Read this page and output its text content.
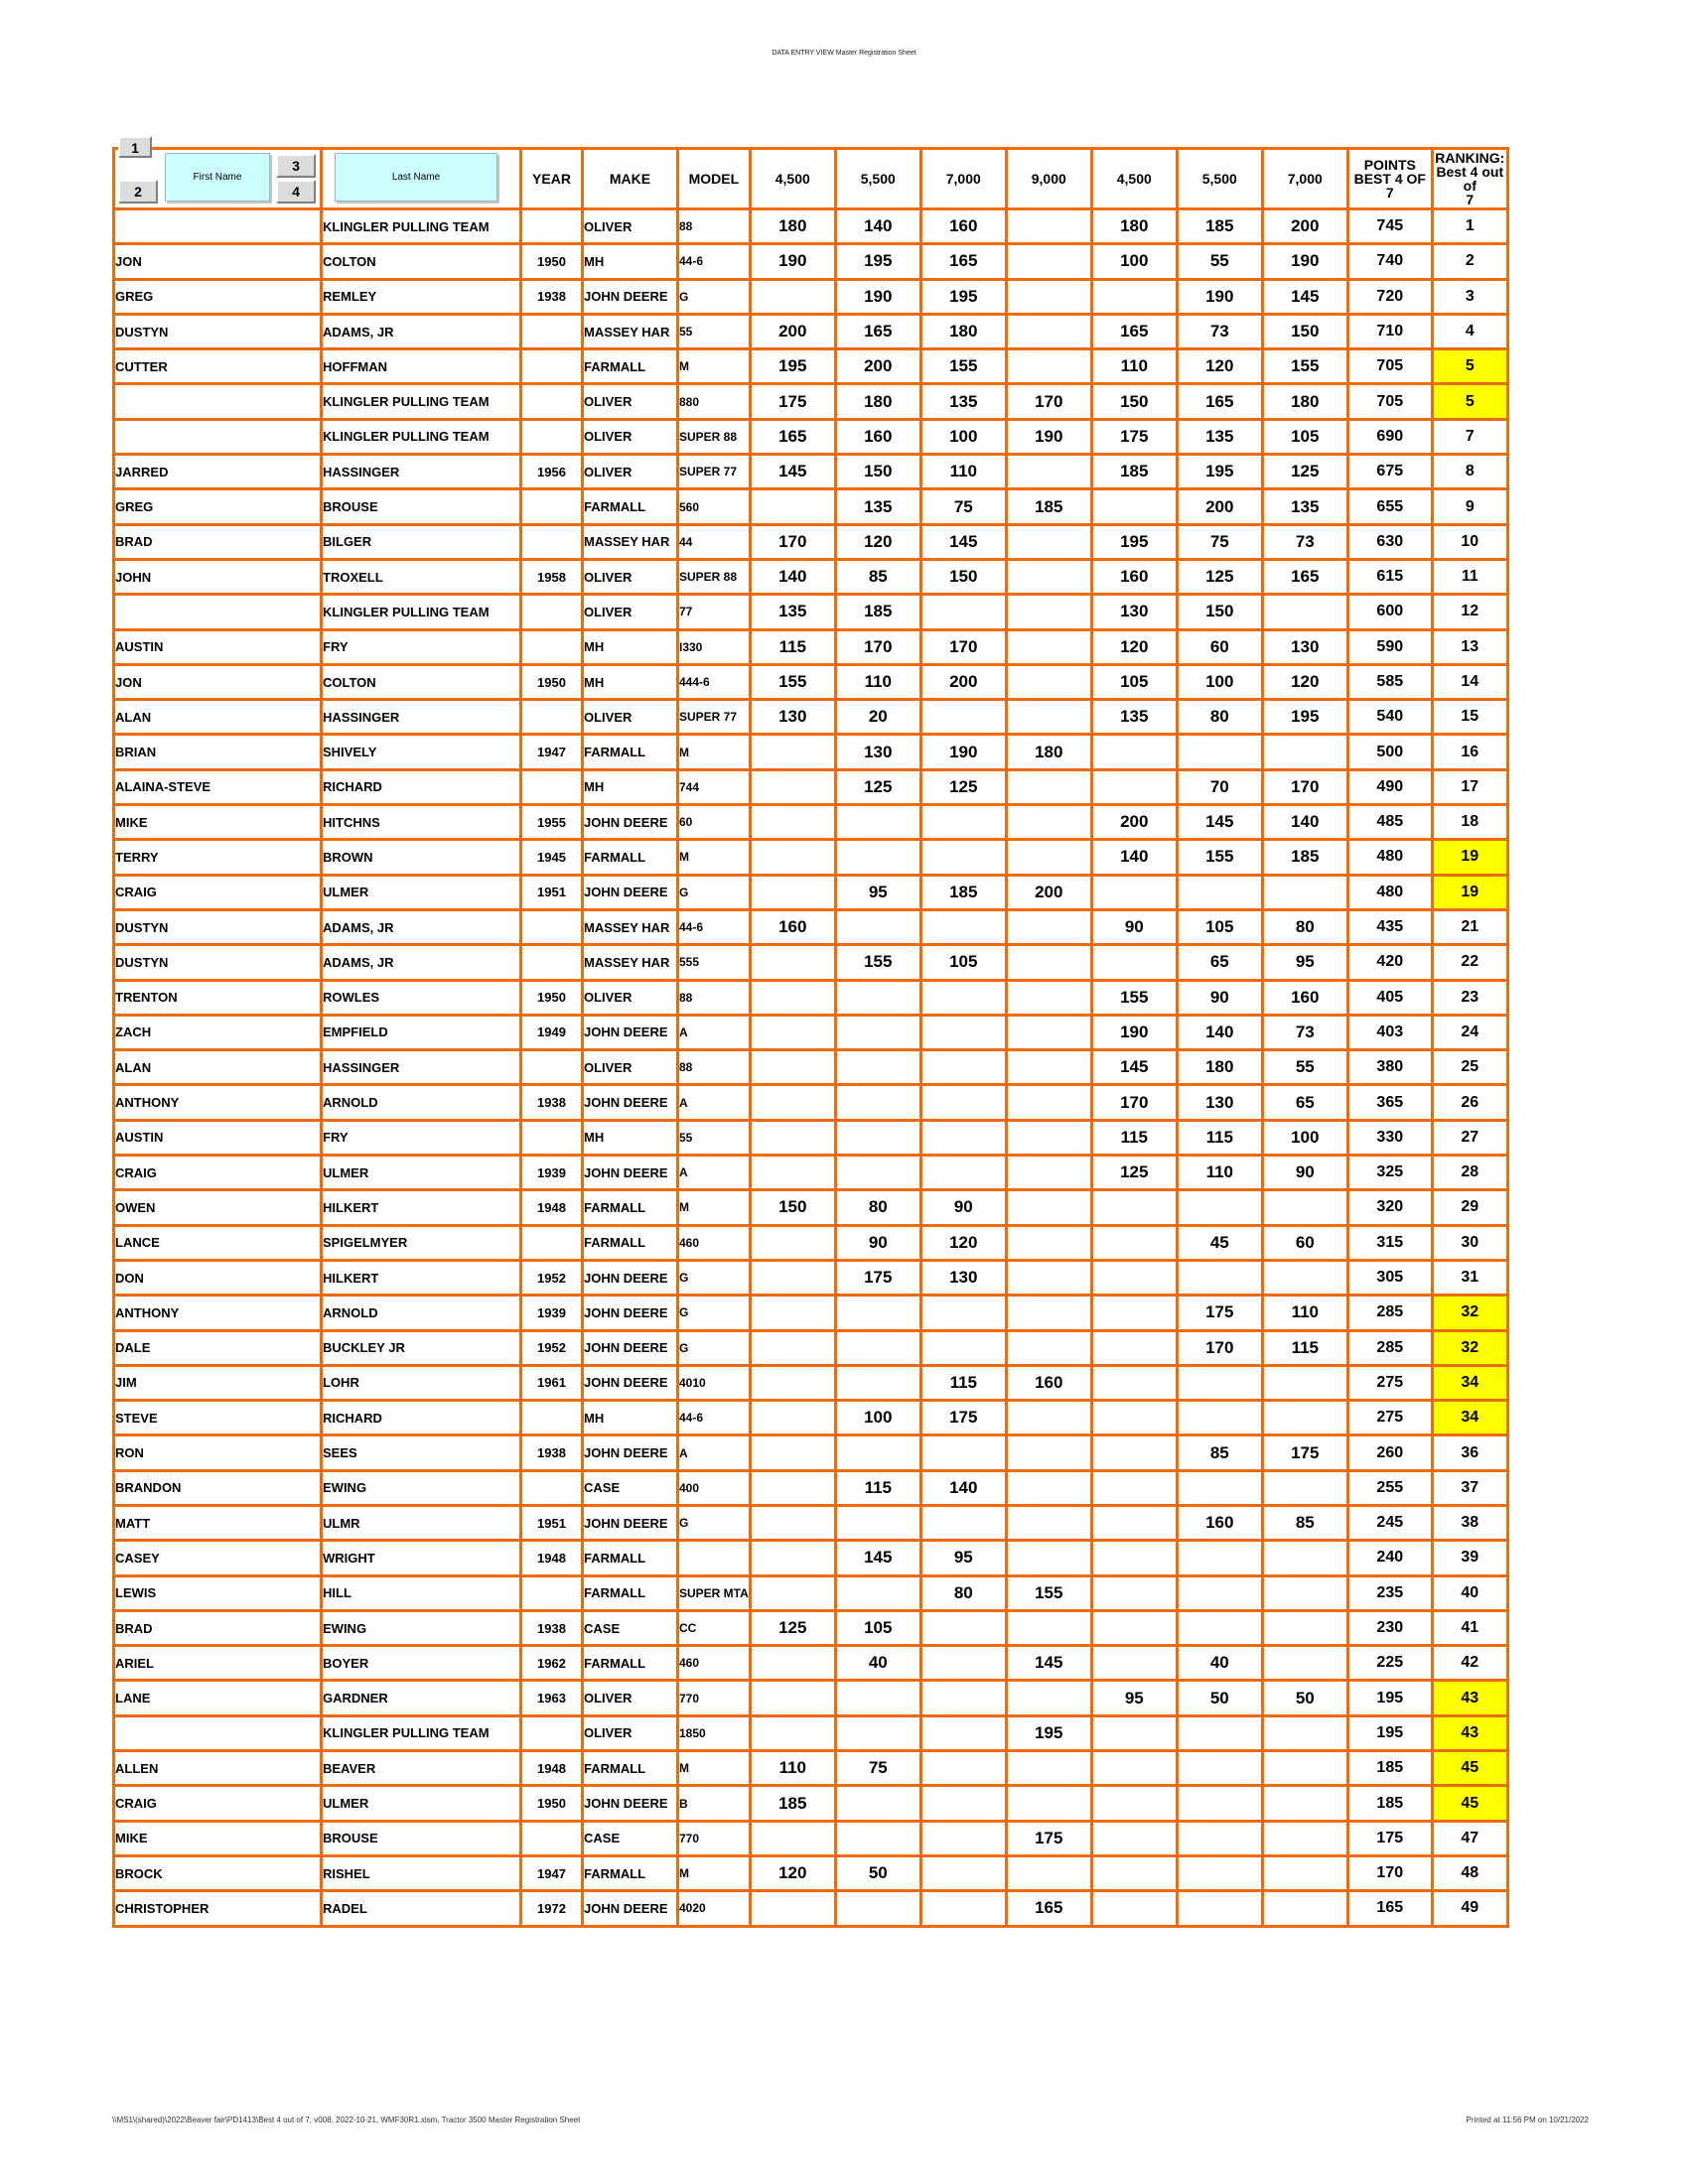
DATA ENTRY VIEW Master Registration Sheet
1
2
First Name
3
4

Last Name	YEAR	MAKE	MODEL	4,500	5,500	7,000	9,000	4,500	5,500	7,000	
POINTS
BEST 4 OF 7

RANKING:
Best 4 out of
7

	KLINGLER PULLING TEAM		OLIVER	88	180	140	160		180	185	200	745	1
JON	COLTON	1950	MH	44-6	190	195	165		100	55	190	740	2
GREG	REMLEY	1938	JOHN DEERE	G		190	195			190	145	720	3
DUSTYN	ADAMS, JR		MASSEY HAR	55	200	165	180		165	73	150	710	4
CUTTER	HOFFMAN		FARMALL	M	195	200	155		110	120	155	705	5
	KLINGLER PULLING TEAM		OLIVER	880	175	180	135	170	150	165	180	705	5
	KLINGLER PULLING TEAM		OLIVER	SUPER 88	165	160	100	190	175	135	105	690	7
JARRED	HASSINGER	1956	OLIVER	SUPER 77	145	150	110		185	195	125	675	8
GREG	BROUSE		FARMALL	560		135	75	185		200	135	655	9
BRAD	BILGER		MASSEY HAR	44	170	120	145		195	75	73	630	10
JOHN	TROXELL	1958	OLIVER	SUPER 88	140	85	150		160	125	165	615	11
	KLINGLER PULLING TEAM		OLIVER	77	135	185			130	150		600	12
AUSTIN	FRY		MH	I330	115	170	170		120	60	130	590	13
JON	COLTON	1950	MH	444-6	155	110	200		105	100	120	585	14
ALAN	HASSINGER		OLIVER	SUPER 77	130	20			135	80	195	540	15
BRIAN	SHIVELY	1947	FARMALL	M		130	190	180				500	16
ALAINA-STEVE	RICHARD		MH	744		125	125			70	170	490	17
MIKE	HITCHNS	1955	JOHN DEERE	60					200	145	140	485	18
TERRY	BROWN	1945	FARMALL	M					140	155	185	480	19
CRAIG	ULMER	1951	JOHN DEERE	G		95	185	200				480	19
DUSTYN	ADAMS, JR		MASSEY HAR	44-6	160				90	105	80	435	21
DUSTYN	ADAMS, JR		MASSEY HAR	555		155	105			65	95	420	22
TRENTON	ROWLES	1950	OLIVER	88					155	90	160	405	23
ZACH	EMPFIELD	1949	JOHN DEERE	A					190	140	73	403	24
ALAN	HASSINGER		OLIVER	88					145	180	55	380	25
ANTHONY	ARNOLD	1938	JOHN DEERE	A					170	130	65	365	26
AUSTIN	FRY		MH	55					115	115	100	330	27
CRAIG	ULMER	1939	JOHN DEERE	A					125	110	90	325	28
OWEN	HILKERT	1948	FARMALL	M	150	80	90					320	29
LANCE	SPIGELMYER		FARMALL	460		90	120			45	60	315	30
DON	HILKERT	1952	JOHN DEERE	G		175	130					305	31
ANTHONY	ARNOLD	1939	JOHN DEERE	G						175	110	285	32
DALE	BUCKLEY JR	1952	JOHN DEERE	G						170	115	285	32
JIM	LOHR	1961	JOHN DEERE	4010			115	160				275	34
STEVE	RICHARD		MH	44-6		100	175					275	34
RON	SEES	1938	JOHN DEERE	A						85	175	260	36
BRANDON	EWING		CASE	400		115	140					255	37
MATT	ULMR	1951	JOHN DEERE	G						160	85	245	38
CASEY	WRIGHT	1948	FARMALL			145	95					240	39
LEWIS	HILL		FARMALL	SUPER MTA			80	155				235	40
BRAD	EWING	1938	CASE	CC	125	105						230	41
ARIEL	BOYER	1962	FARMALL	460		40		145		40		225	42
LANE	GARDNER	1963	OLIVER	770					95	50	50	195	43
	KLINGLER PULLING TEAM		OLIVER	1850				195				195	43
ALLEN	BEAVER	1948	FARMALL	M	110	75						185	45
CRAIG	ULMER	1950	JOHN DEERE	B	185							185	45
MIKE	BROUSE		CASE	770				175				175	47
BROCK	RISHEL	1947	FARMALL	M	120	50						170	48
CHRISTOPHER	RADEL	1972	JOHN DEERE	4020				165				165	49
\\MS1\(shared)\2022\Beaver fair\PD1413\Best 4 out of 7, v008, 2022-10-21, WMF30R1.xlsm, Tractor 3500 Master Registration Sheet	Printed at 11:56 PM on 10/21/2022
